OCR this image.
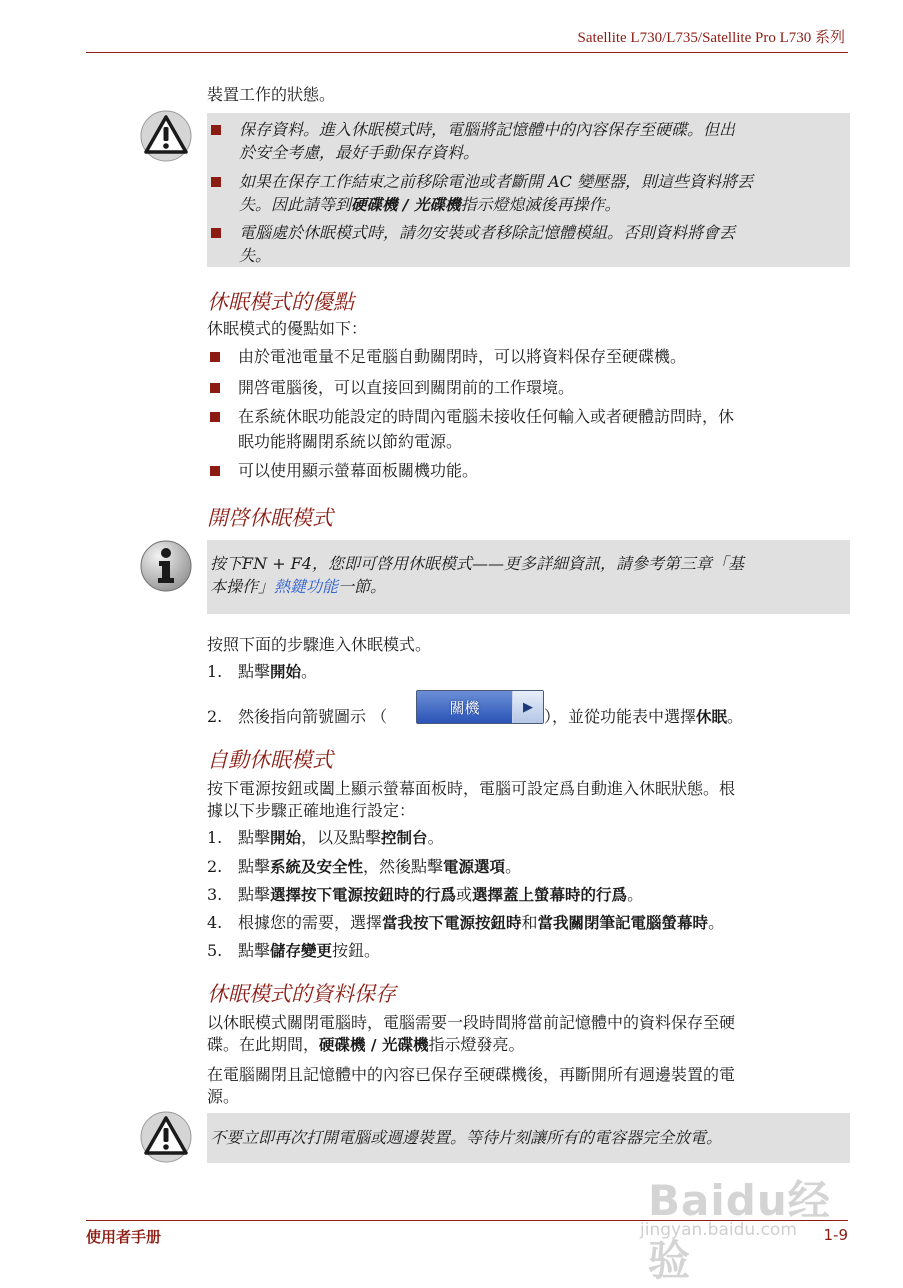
Satellite L730/L735/Satellite Pro L730 系列
裝置工作的狀態。
保存資料。進入休眠模式時，電腦將記憶體中的內容保存至硬碟。但出
於安全考慮，最好手動保存資料。
如果在保存工作結束之前移除電池或者斷開 AC 變壓器，則這些資料將丟
失。因此請等到硬碟機 / 光碟機指示燈熄滅後再操作。
電腦處於休眠模式時，請勿安裝或者移除記憶體模組。否則資料將會丟
失。
休眠模式的優點
休眠模式的優點如下：
由於電池電量不足電腦自動關閉時，可以將資料保存至硬碟機。
開啓電腦後，可以直接回到關閉前的工作環境。
在系統休眠功能設定的時間內電腦未接收任何輸入或者硬體訪問時，休
眠功能將關閉系統以節約電源。
可以使用顯示螢幕面板關機功能。
開啓休眠模式
按下FN + F4，您即可啓用休眠模式——更多詳細資訊，請參考第三章「基
本操作」熱鍵功能一節。
按照下面的步驟進入休眠模式。
1. 點擊開始。
2. 然後指向箭號圖示 （	關機	▶ ），並從功能表中選擇休眠。
自動休眠模式
按下電源按鈕或闔上顯示螢幕面板時，電腦可設定爲自動進入休眠狀態。根
據以下步驟正確地進行設定：
1. 點擊開始，以及點擊控制台。
2. 點擊系統及安全性，然後點擊電源選項。
3. 點擊選擇按下電源按鈕時的行爲或選擇蓋上螢幕時的行爲。
4. 根據您的需要，選擇當我按下電源按鈕時和當我關閉筆記電腦螢幕時。
5. 點擊儲存變更按鈕。
休眠模式的資料保存
以休眠模式關閉電腦時，電腦需要一段時間將當前記憶體中的資料保存至硬
碟。在此期間，硬碟機 / 光碟機指示燈發亮。
在電腦關閉且記憶體中的內容已保存至硬碟機後，再斷開所有週邊裝置的電
源。
不要立即再次打開電腦或週邊裝置。等待片刻讓所有的電容器完全放電。
Baidu经验
jingyan.baidu.com
使用者手册	1-9
